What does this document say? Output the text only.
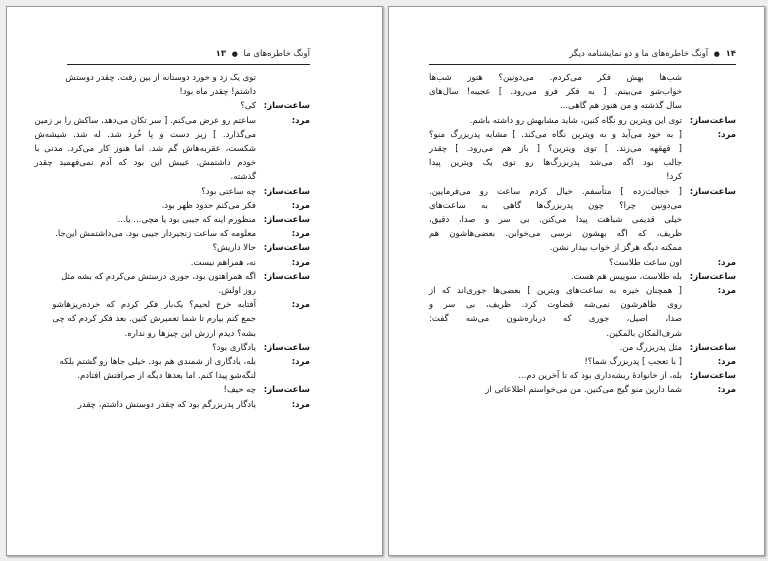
آونگ خاطره‌های ما ● ۱۳
توی یک زد و خورد دوستانه از بین رفت. چقدر دوستش
داشتم! چقدر ماه بود!
ساعت‌ساز:
کی؟
مرد:
ساعتم رو عرض می‌کنم. [ سر تکان می‌دهد، ساکش را بر زمین
می‌گذارد. ] زیر دست و پا خُرد شد. له شد. شیشه‌ش
شکست، عقربه‌هاش گم شد. اما هنوز کار می‌کرد. مدتی با
خودم داشتمش. عیبش این بود که آدم نمی‌فهمید چقدر
گذشته.
ساعت‌ساز:
چه ساعتی بود؟
مرد:
فکر می‌کنم حدود ظهر بود.
ساعت‌ساز:
منظورم اینه که جیبی بود یا مچی... یا...
مرد:
معلومه که ساعت زنجیردار جیبی بود. می‌داشتمش این‌جا.
ساعت‌ساز:
حالا داریش؟
مرد:
نه، همراهم نیست.
ساعت‌ساز:
اگه همراهتون بود، جوری درستش می‌کردم که بشه مثل
روز اولش.
مرد:
آفتابه خرج لحیم؟ یک‌بار فکر کردم که خرده‌ریزهاشو
جمع کنم بیارم تا شما تعمیرش کنین. بعد فکر کردم که چی
بشه؟ دیدم ارزش این چیزها رو نداره.
ساعت‌ساز:
یادگاری بود؟
مرد:
بله، یادگاری از شمندی هم بود. خیلی جاها رو گشتم بلکه
لنگه‌شو پیدا کنم. اما بعدها دیگه از صرافتش افتادم.
ساعت‌ساز:
چه حیف!
مرد:
یادگار پدربزرگم بود که چقدر دوستش داشتم، چقدر
۱۴ ● آونگ خاطره‌های ما و دو نمایشنامه دیگر
شب‌ها بهش فکر می‌کردم. می‌دونین؟ هنوز شب‌ها
خواب‌شو می‌بینم. [ به فکر فرو می‌رود. ] عجیبه! سال‌های
سال گذشته و من هنوز هم گاهی...
ساعت‌ساز:
توی این ویترین رو نگاه کنین، شاید مشابهش رو داشته باشم.
مرد:
[ به خود می‌آید و به ویترین نگاه می‌کند. ] مشابه پدربزرگ منو؟
[ قهقهه می‌زند. ] توی ویترین؟ [ باز هم می‌رود. ] چقدر
جالب بود اگه می‌شد پدربزرگ‌ها رو توی یک ویترین پیدا
کرد!
ساعت‌ساز:
[ خجالت‌زده ] متأسفم. خیال کردم ساعت رو می‌فرمایین.
می‌دونین چرا؟ چون پدربزرگ‌ها گاهی به ساعت‌های
خیلی قدیمی شباهت پیدا می‌کنن. بی سر و صدا، دقیق،
ظریف، که اگه بهشون نرسی می‌خوابن. بعضی‌هاشون هم
ممکنه دیگه هرگز از خواب بیدار نشن.
مرد:
اون ساعت طلاست؟
ساعت‌ساز:
بله طلاست، سوییس هم هست.
مرد:
[ همچنان خیره به ساعت‌های ویترین ] بعضی‌ها جوری‌اند که از
روی ظاهرشون نمی‌شه قضاوت کرد. ظریف، بی سر و
صدا، اصیل، جوری که درباره‌شون می‌شه گفت:
شرف‌المکان بالمکین.
ساعت‌ساز:
مثل پدربزرگ من.
مرد:
[ با تعجب ] پدربزرگ شما؟!
ساعت‌ساز:
بله، از خانوادهٔ ریشه‌داری بود که تا آخرین دم...
مرد:
شما دارین منو گیج می‌کنین. من می‌خواستم اطلاعاتی از
